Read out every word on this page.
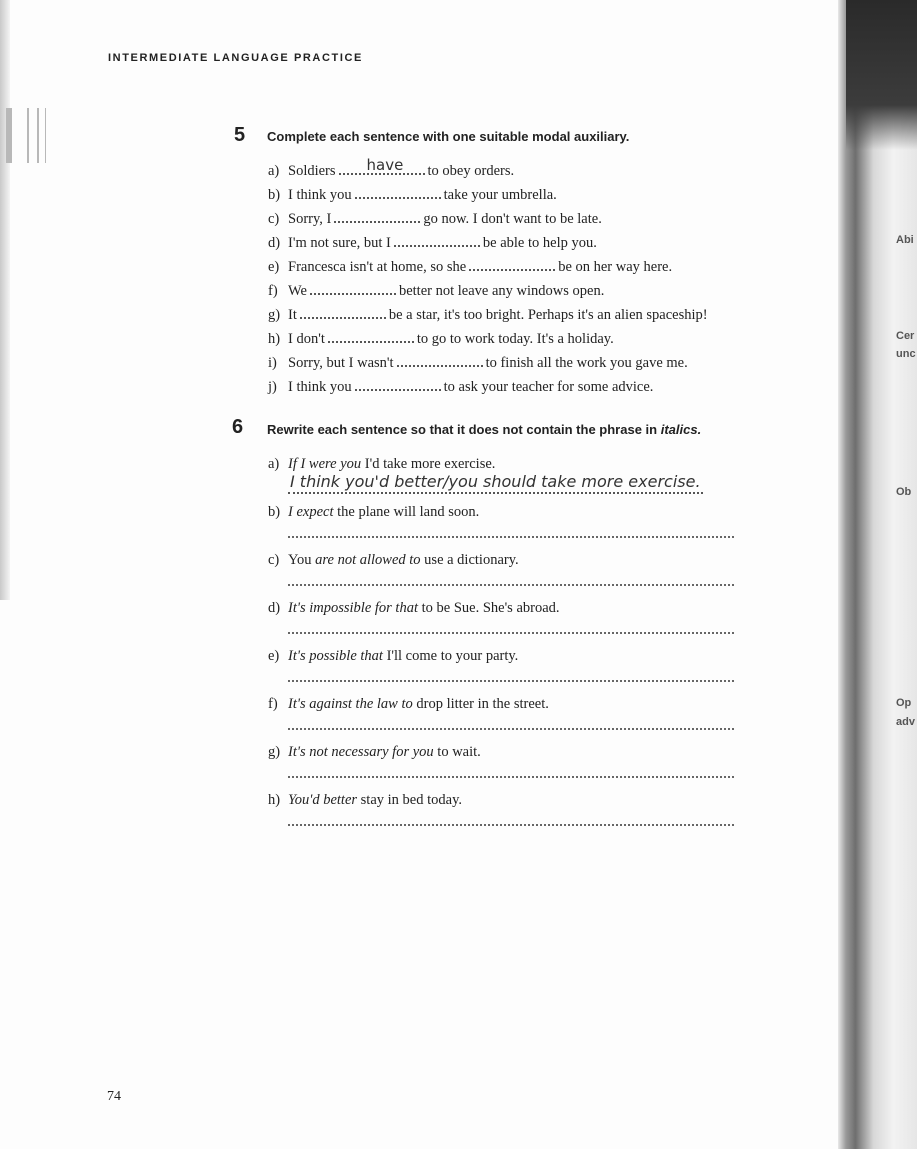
INTERMEDIATE LANGUAGE PRACTICE
5 Complete each sentence with one suitable modal auxiliary.
a) Soldiers have to obey orders.
b) I think you	take your umbrella.
c) Sorry, I	go now. I don't want to be late.
d) I'm not sure, but I	be able to help you.
e) Francesca isn't at home, so she	be on her way here.
f) We	better not leave any windows open.
g) It	be a star, it's too bright. Perhaps it's an alien spaceship!
h) I don't	to go to work today. It's a holiday.
i) Sorry, but I wasn't	to finish all the work you gave me.
j) I think you	to ask your teacher for some advice.
6 Rewrite each sentence so that it does not contain the phrase in italics.
a) If I were you I'd take more exercise.
I think you'd better/you should take more exercise.
b) I expect the plane will land soon.
c) You are not allowed to use a dictionary.
d) It's impossible for that to be Sue. She's abroad.
e) It's possible that I'll come to your party.
f) It's against the law to drop litter in the street.
g) It's not necessary for you to wait.
h) You'd better stay in bed today.
74
Abi
Cer
unc
Ob
Op
adv
